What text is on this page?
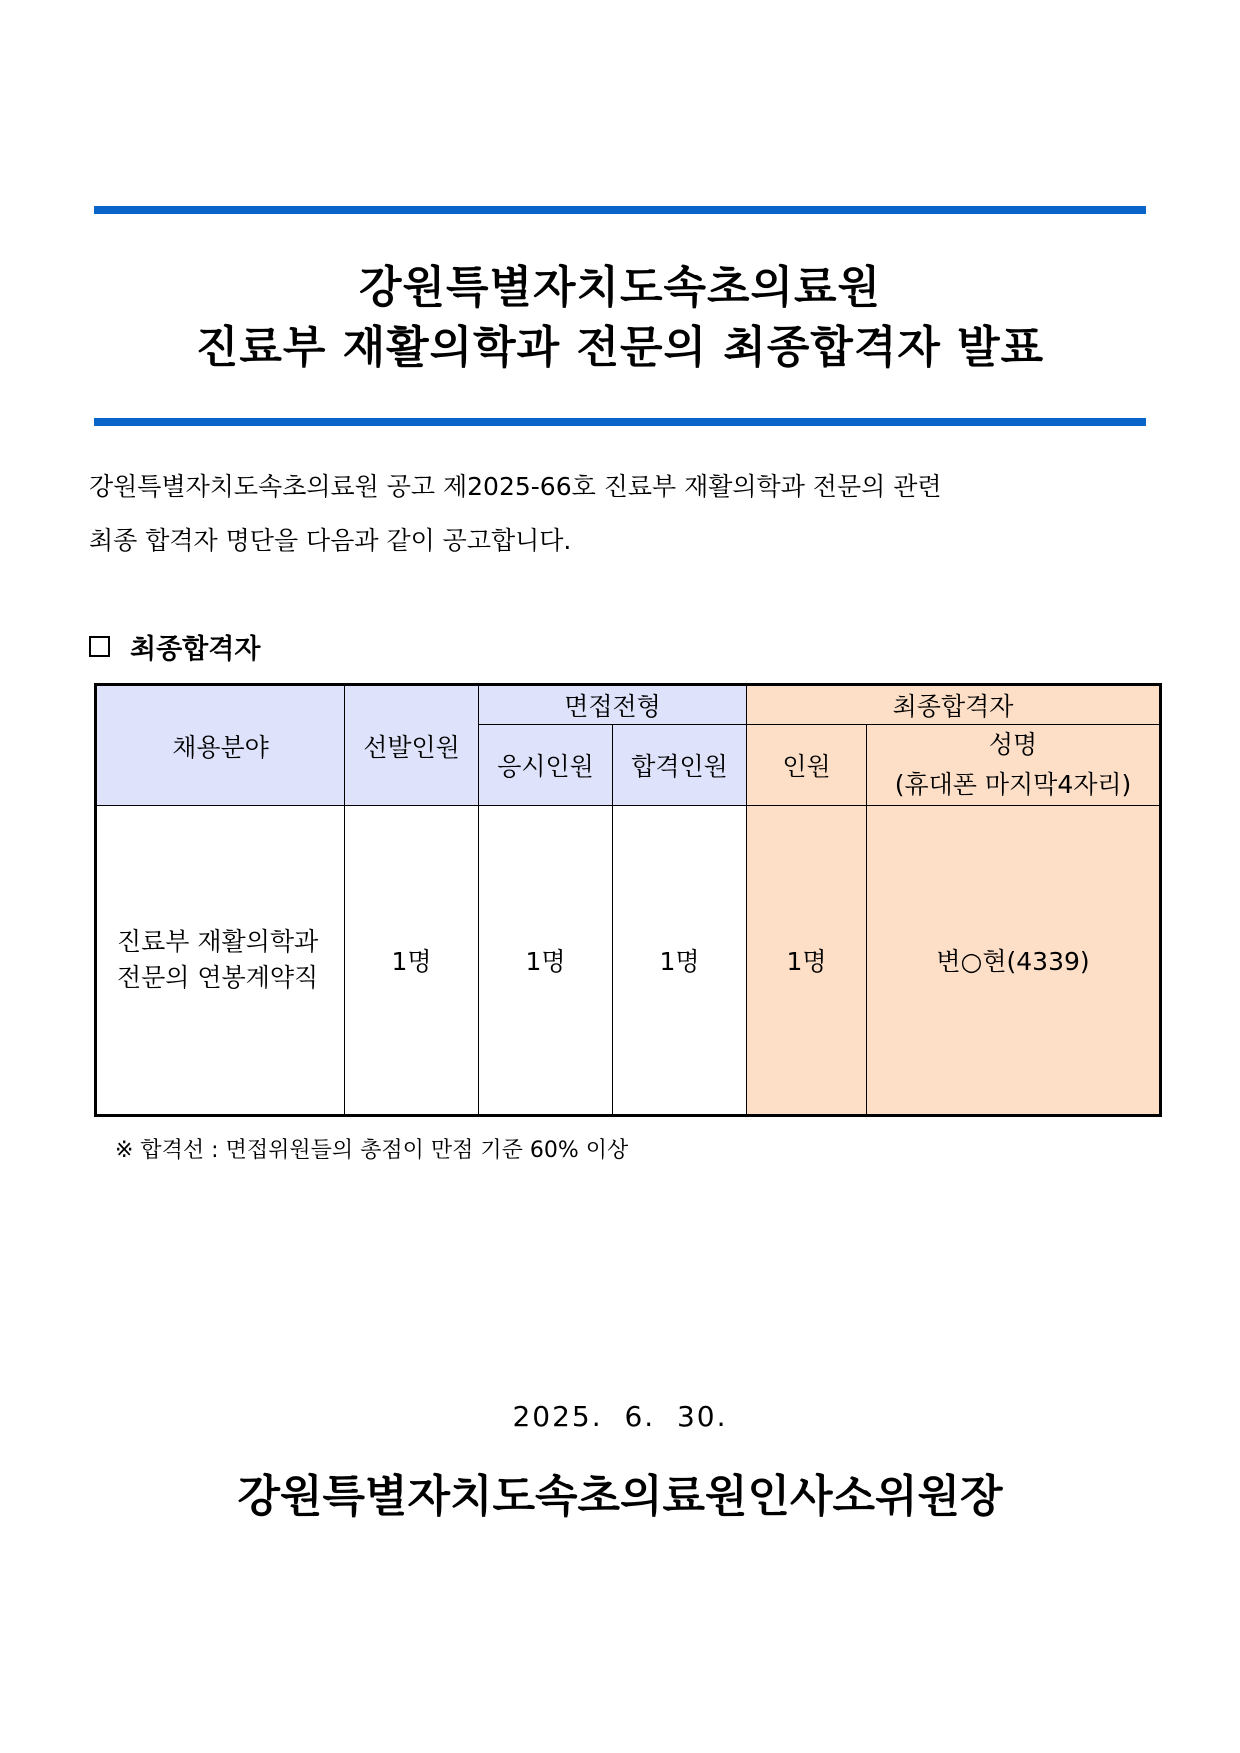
강원특별자치도속초의료원
진료부 재활의학과 전문의 최종합격자 발표
강원특별자치도속초의료원 공고 제2025-66호 진료부 재활의학과 전문의 관련
최종 합격자 명단을 다음과 같이 공고합니다.
최종합격자
채용분야	선발인원	면접전형		최종합격자	
		응시인원	합격인원	인원	성명
(휴대폰 마지막4자리)

진료부 재활의학과
전문의 연봉계약직	1명	1명	1명	1명	변○현(4339)
※ 합격선 : 면접위원들의 총점이 만점 기준 60% 이상
2025.  6.  30.
강원특별자치도속초의료원인사소위원장
